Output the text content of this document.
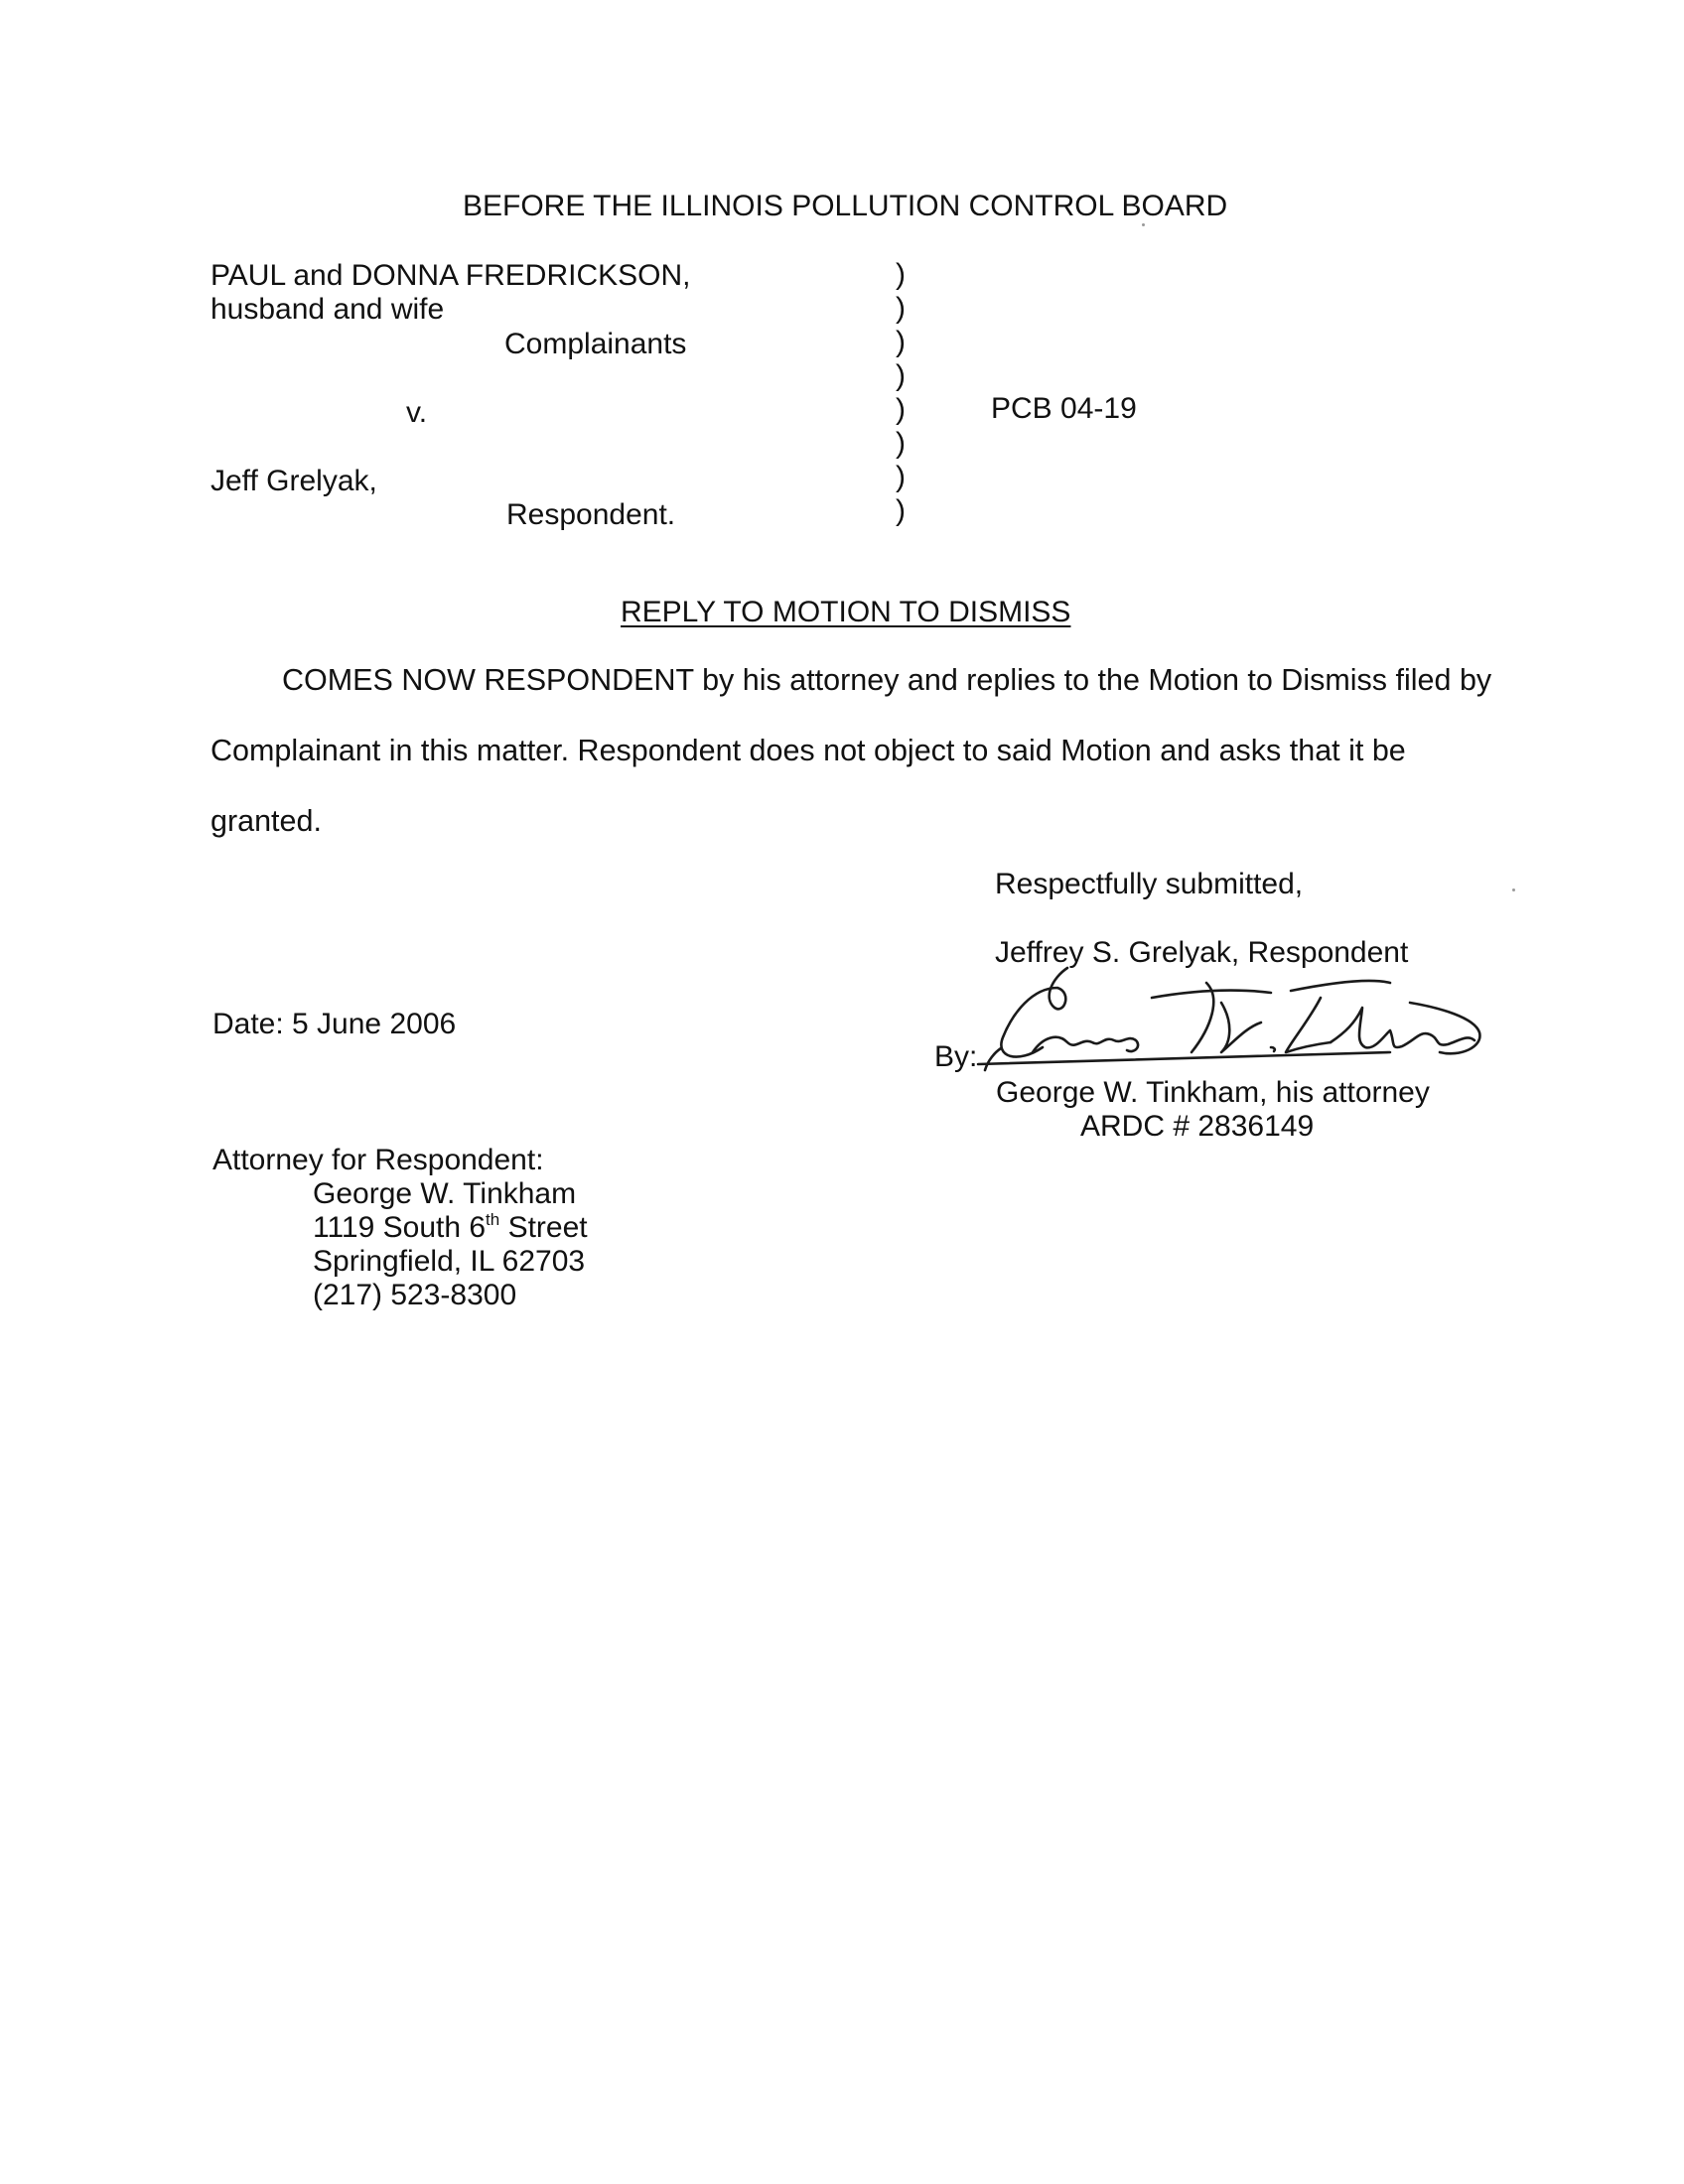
BEFORE THE ILLINOIS POLLUTION CONTROL BOARD
PAUL and DONNA FREDRICKSON,
husband and wife
Complainants
v.
Jeff Grelyak,
Respondent.
)
)
)
)
)
)
)
)
PCB 04-19
REPLY TO MOTION TO DISMISS
COMES NOW RESPONDENT by his attorney and replies to the Motion to Dismiss filed by
Complainant in this matter. Respondent does not object to said Motion and asks that it be
granted.
Respectfully submitted,
Jeffrey S. Grelyak, Respondent
By:
George W. Tinkham, his attorney
ARDC # 2836149
Date: 5 June 2006
Attorney for Respondent:
George W. Tinkham
1119 South 6th Street
Springfield, IL 62703
(217) 523-8300
